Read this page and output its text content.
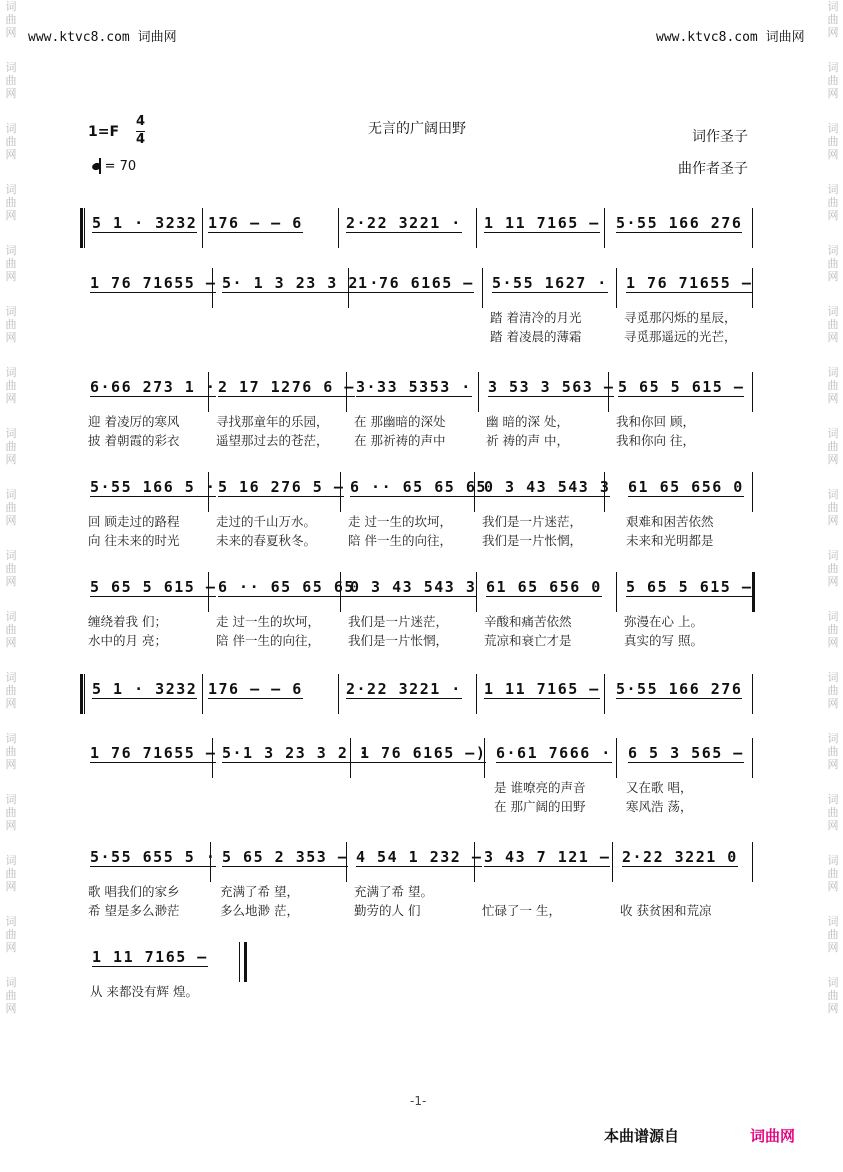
词
曲
网
词
曲
网
词
曲
网
词
曲
网
词
曲
网
词
曲
网
词
曲
网
词
曲
网
词
曲
网
词
曲
网
词
曲
网
词
曲
网
词
曲
网
词
曲
网
词
曲
网
词
曲
网
词
曲
网
词
曲
网
词
曲
网
词
曲
网
词
曲
网
词
曲
网
词
曲
网
词
曲
网
词
曲
网
词
曲
网
词
曲
网
词
曲
网
词
曲
网
词
曲
网
词
曲
网
词
曲
网
词
曲
网
词
曲
网
www.ktvc8.com 词曲网	www.ktvc8.com 词曲网
无言的广阔田野
1=F
4
4
= 70
词作圣子
曲作者圣子
5 1 · 3232 176 – – 6	2·22 3221 · 1 11 7165 – 5·55 166 276
1 76 71655 – 5· 1 3 23 3 2 ·
1 76 6165 – 5·55 1627 · 1 76 71655 –
踏 着清冷的月光	寻觅那闪烁的星辰，
踏 着凌晨的薄霜	寻觅那遥远的光芒，
6·66 273 1 · 2 17 1276 6 – 3·33 5353 · 3 53 3 563 – 5 65 5 615 –
迎 着凌厉的寒风	寻找那童年的乐园， 在 那幽暗的深处	幽 暗的深 处，	我和你回 顾，
披 着朝霞的彩衣	遥望那过去的苍茫， 在 那祈祷的声中	祈 祷的声 中，	我和你向 往，
5·55 166 5 · 5 16 276 5 – 6 ·· 65 65 65
0 3 43 543 3 61 65 656 0
回 顾走过的路程	走过的千山万水。	走 过一生的坎坷， 我们是一片迷茫，	艰难和困苦依然
向 往未来的时光	未来的春夏秋冬。	陪 伴一生的向往， 我们是一片怅惘，	未来和光明都是
5 65 5 615 – 6 ·· 65 65 65
0 3 43 543 3 61 65 656 0 5 65 5 615 –
缠绕着我 们；	走 过一生的坎坷， 我们是一片迷茫，	辛酸和痛苦依然	弥漫在心 上。
水中的月 亮；	陪 伴一生的向往， 我们是一片怅惘，	荒凉和衰亡才是	真实的写 照。
5 1 · 3232 176 – – 6	2·22 3221 · 1 11 7165 – 5·55 166 276
1 76 71655 – 5·1 3 23 3 2 ·
1 76 6165 –) 6·61 7666 · 6 5 3 565 –
是 谁嘹亮的声音	又在歌 唱，
在 那广阔的田野	寒风浩 荡，
5·55 655 5 · 5 65 2 353 – 4 54 1 232 – 3 43 7 121 – 2·22 3221 0
歌 唱我们的家乡	充满了希 望，	充满了希 望。
希 望是多么渺茫	多么地渺 茫，	勤劳的人 们	忙碌了一 生，	收 获贫困和荒凉
1 11 7165 –
从 来都没有辉 煌。
-1-
本曲谱源自	词曲网
